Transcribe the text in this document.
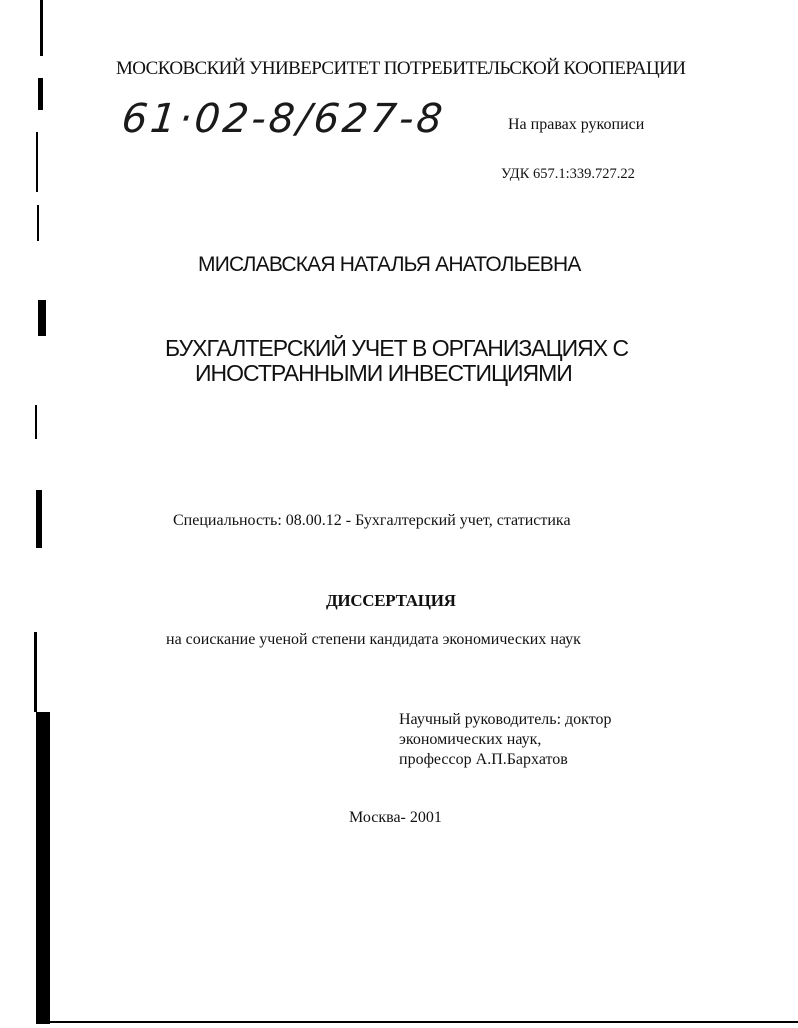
МОСКОВСКИЙ УНИВЕРСИТЕТ ПОТРЕБИТЕЛЬСКОЙ КООПЕРАЦИИ
61·02-8/627-8	На правах рукописи
УДК 657.1:339.727.22
МИСЛАВСКАЯ НАТАЛЬЯ АНАТОЛЬЕВНА
БУХГАЛТЕРСКИЙ УЧЕТ В ОРГАНИЗАЦИЯХ С
ИНОСТРАННЫМИ ИНВЕСТИЦИЯМИ
Специальность: 08.00.12 - Бухгалтерский учет, статистика
ДИССЕРТАЦИЯ
на соискание ученой степени кандидата экономических наук
Научный руководитель: доктор
экономических наук,
профессор А.П.Бархатов
Москва- 2001
